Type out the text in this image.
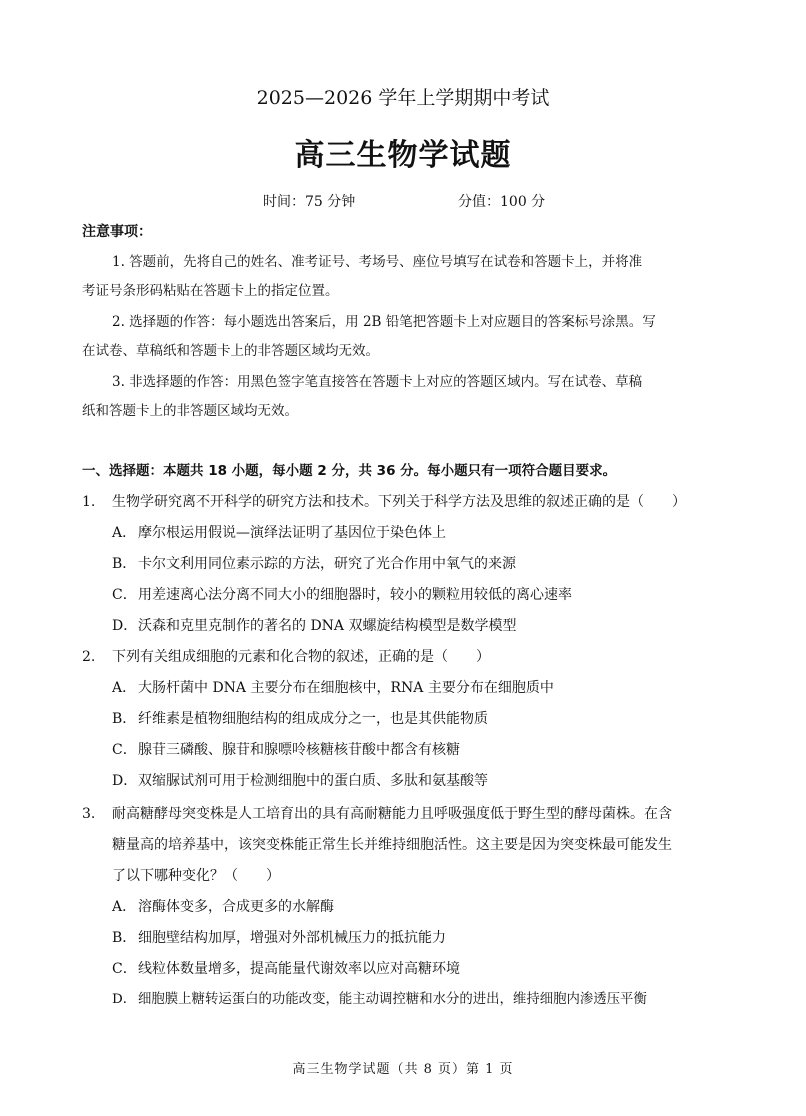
2025—2026 学年上学期期中考试
高三生物学试题
时间：75 分钟	分值：100 分
注意事项：
1. 答题前，先将自己的姓名、准考证号、考场号、座位号填写在试卷和答题卡上，并将准
考证号条形码粘贴在答题卡上的指定位置。
2. 选择题的作答：每小题选出答案后，用 2B 铅笔把答题卡上对应题目的答案标号涂黑。写
在试卷、草稿纸和答题卡上的非答题区域均无效。
3. 非选择题的作答：用黑色签字笔直接答在答题卡上对应的答题区域内。写在试卷、草稿
纸和答题卡上的非答题区域均无效。
一、选择题：本题共 18 小题，每小题 2 分，共 36 分。每小题只有一项符合题目要求。
1. 生物学研究离不开科学的研究方法和技术。下列关于科学方法及思维的叙述正确的是（　　）
A． 摩尔根运用假说—演绎法证明了基因位于染色体上
B． 卡尔文利用同位素示踪的方法，研究了光合作用中氧气的来源
C．用差速离心法分离不同大小的细胞器时，较小的颗粒用较低的离心速率
D．沃森和克里克制作的著名的 DNA 双螺旋结构模型是数学模型
2. 下列有关组成细胞的元素和化合物的叙述，正确的是（　　）
A． 大肠杆菌中 DNA 主要分布在细胞核中，RNA 主要分布在细胞质中
B． 纤维素是植物细胞结构的组成成分之一，也是其供能物质
C．腺苷三磷酸、腺苷和腺嘌呤核糖核苷酸中都含有核糖
D．双缩脲试剂可用于检测细胞中的蛋白质、多肽和氨基酸等
3. 耐高糖酵母突变株是人工培育出的具有高耐糖能力且呼吸强度低于野生型的酵母菌株。在含
糖量高的培养基中，该突变株能正常生长并维持细胞活性。这主要是因为突变株最可能发生
了以下哪种变化？（　　）
A． 溶酶体变多，合成更多的水解酶
B． 细胞壁结构加厚，增强对外部机械压力的抵抗能力
C．线粒体数量增多，提高能量代谢效率以应对高糖环境
D． 细胞膜上糖转运蛋白的功能改变，能主动调控糖和水分的进出，维持细胞内渗透压平衡
高三生物学试题（共 8 页）第 1 页
